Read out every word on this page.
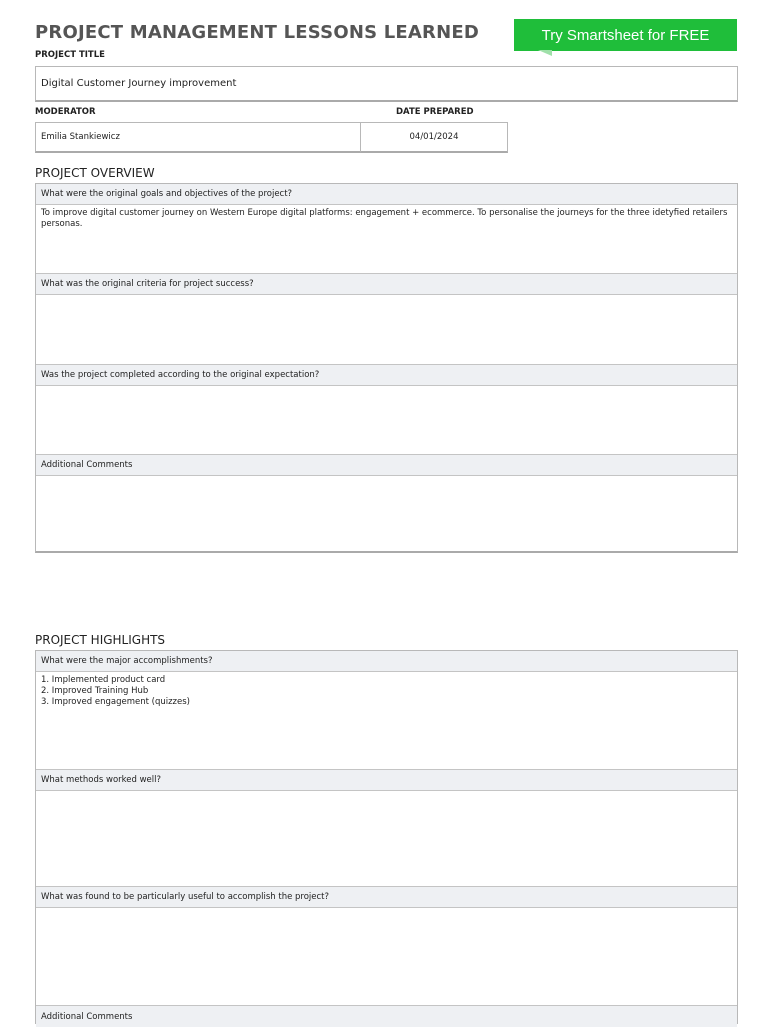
PROJECT MANAGEMENT LESSONS LEARNED	Try Smartsheet for FREE
PROJECT TITLE
Digital Customer Journey improvement
MODERATOR	DATE PREPARED
Emilia Stankiewicz	04/01/2024
PROJECT OVERVIEW
What were the original goals and objectives of the project?
To improve digital customer journey on Western Europe digital platforms: engagement + ecommerce. To personalise the journeys for the three idetyfied retailers personas.
What was the original criteria for project success?
Was the project completed according to the original expectation?
Additional Comments
PROJECT HIGHLIGHTS
What were the major accomplishments?
1. Implemented product card
2. Improved Training Hub
3. Improved engagement (quizzes)
What methods worked well?
What was found to be particularly useful to accomplish the project?
Additional Comments
